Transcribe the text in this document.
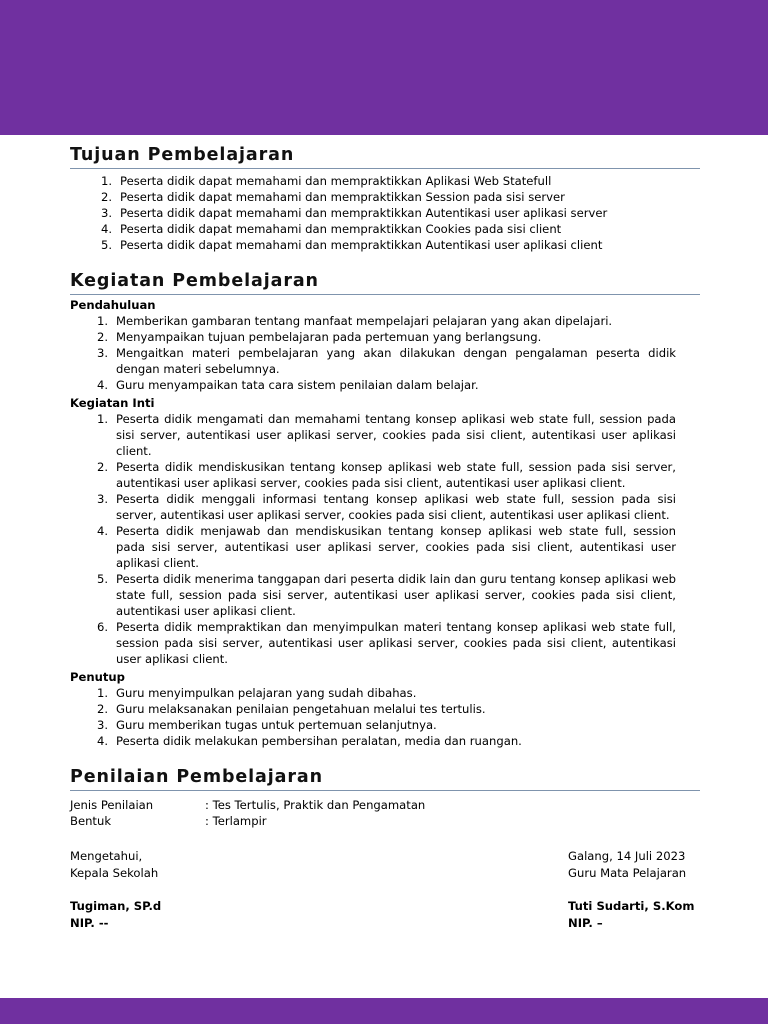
Tujuan Pembelajaran
1. Peserta didik dapat memahami dan mempraktikkan Aplikasi Web Statefull
2. Peserta didik dapat memahami dan mempraktikkan Session pada sisi server
3. Peserta didik dapat memahami dan mempraktikkan Autentikasi user aplikasi server
4. Peserta didik dapat memahami dan mempraktikkan Cookies pada sisi client
5. Peserta didik dapat memahami dan mempraktikkan Autentikasi user aplikasi client
Kegiatan Pembelajaran
Pendahuluan
1. Memberikan gambaran tentang manfaat mempelajari pelajaran yang akan dipelajari.
2. Menyampaikan tujuan pembelajaran pada pertemuan yang berlangsung.
3. Mengaitkan materi pembelajaran yang akan dilakukan dengan pengalaman peserta didik dengan materi sebelumnya.
4. Guru menyampaikan tata cara sistem penilaian dalam belajar.
Kegiatan Inti
1. Peserta didik mengamati dan memahami tentang konsep aplikasi web state full, session pada sisi server, autentikasi user aplikasi server, cookies pada sisi client, autentikasi user aplikasi client.
2. Peserta didik mendiskusikan tentang konsep aplikasi web state full, session pada sisi server, autentikasi user aplikasi server, cookies pada sisi client, autentikasi user aplikasi client.
3. Peserta didik menggali informasi tentang konsep aplikasi web state full, session pada sisi server, autentikasi user aplikasi server, cookies pada sisi client, autentikasi user aplikasi client.
4. Peserta didik menjawab dan mendiskusikan tentang konsep aplikasi web state full, session pada sisi server, autentikasi user aplikasi server, cookies pada sisi client, autentikasi user aplikasi client.
5. Peserta didik menerima tanggapan dari peserta didik lain dan guru tentang konsep aplikasi web state full, session pada sisi server, autentikasi user aplikasi server, cookies pada sisi client, autentikasi user aplikasi client.
6. Peserta didik mempraktikan dan menyimpulkan materi tentang konsep aplikasi web state full, session pada sisi server, autentikasi user aplikasi server, cookies pada sisi client, autentikasi user aplikasi client.
Penutup
1. Guru menyimpulkan pelajaran yang sudah dibahas.
2. Guru melaksanakan penilaian pengetahuan melalui tes tertulis.
3. Guru memberikan tugas untuk pertemuan selanjutnya.
4. Peserta didik melakukan pembersihan peralatan, media dan ruangan.
Penilaian Pembelajaran
Jenis Penilaian	: Tes Tertulis, Praktik dan Pengamatan
Bentuk	: Terlampir
Mengetahui,
Kepala Sekolah
Tugiman, SP.d
NIP. --
Galang, 14 Juli 2023
Guru Mata Pelajaran
Tuti Sudarti, S.Kom
NIP. –
